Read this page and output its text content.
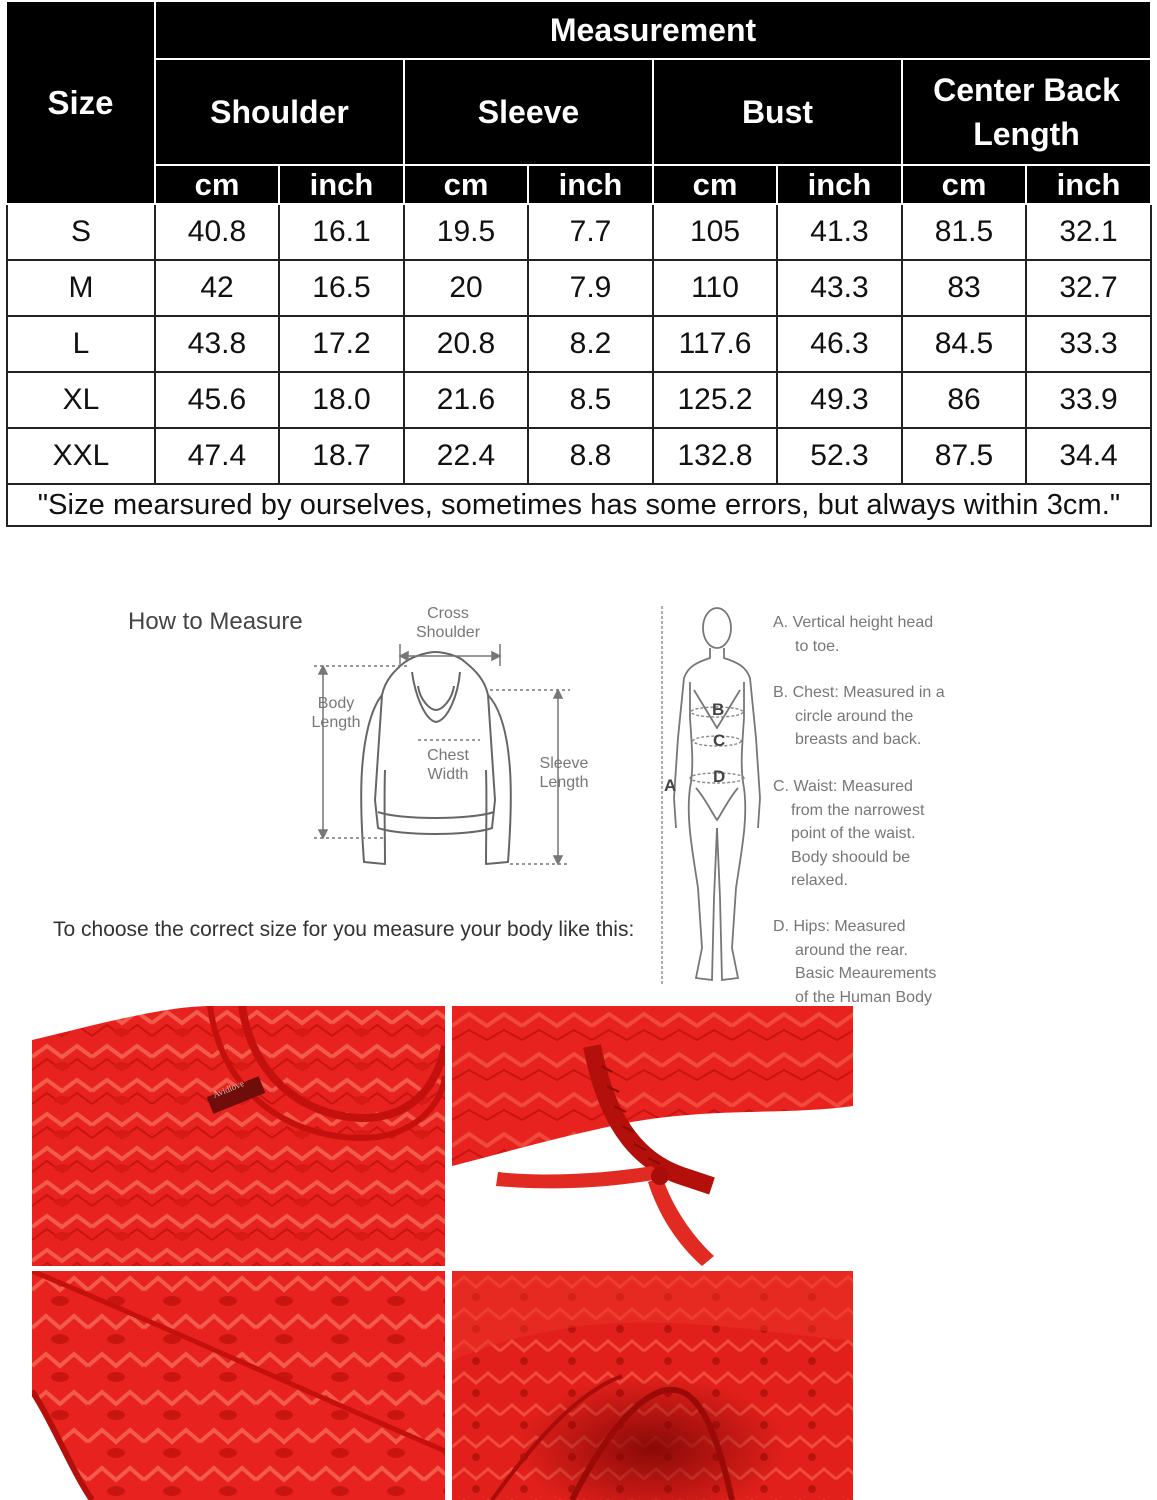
Size	Measurement							
	Shoulder		Sleeve		Bust		Center Back Length	
	cm	inch	cm	inch	cm	inch	cm	inch
S	40.8	16.1	19.5	7.7	105	41.3	81.5	32.1
M	42	16.5	20	7.9	110	43.3	83	32.7
L	43.8	17.2	20.8	8.2	117.6	46.3	84.5	33.3
XL	45.6	18.0	21.6	8.5	125.2	49.3	86	33.9
XXL	47.4	18.7	22.4	8.8	132.8	52.3	87.5	34.4
"Size mearsured by ourselves, sometimes has some errors, but always within 3cm."								
How to Measure	Cross Shoulder
Body Length
Chest Width
Sleeve Length
To choose the correct size for you measure your body like this:
A
B
C
D
A. Vertical height head
to toe.
B. Chest: Measured in a
circle around the
breasts and back.
C. Waist: Measured
from the narrowest
point of the waist.
Body shoould be
relaxed.
D. Hips: Measured
around the rear.
Basic Meaurements
of the Human Body
Avidlove
